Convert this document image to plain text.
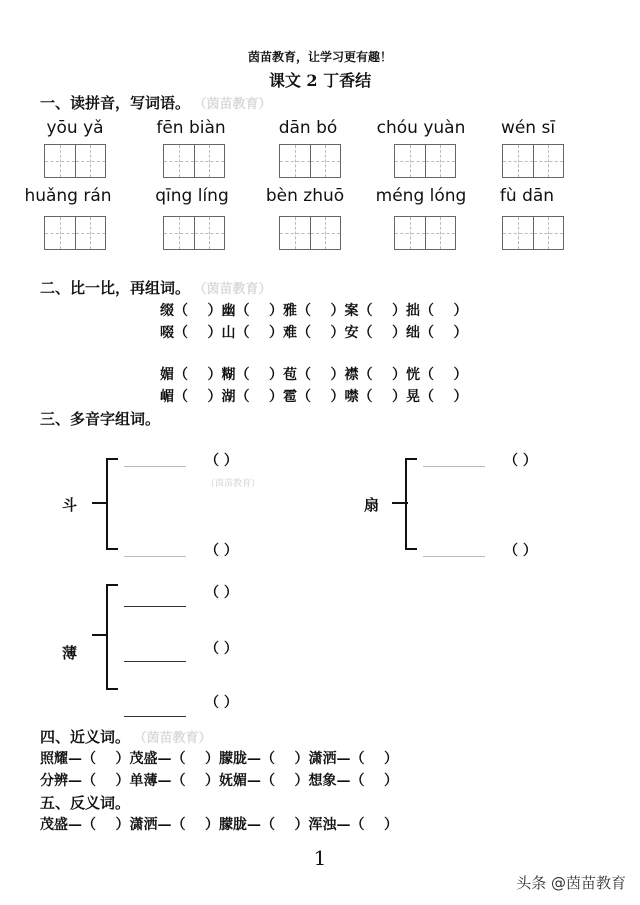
茵苗教育，让学习更有趣！
课文 2 丁香结
一、读拼音，写词语。 （茵苗教育）
yōu yǎ	fēn biàn	dān bó	chóu yuàn	wén sī
huǎng rán	qīng líng	bèn zhuō	méng lóng	fù dān
二、比一比，再组词。 （茵苗教育）
缀（    ）幽（    ）雅（    ）案（    ）拙（    ）
啜（    ）山（    ）难（    ）安（    ）绌（    ）
媚（    ）糊（    ）苞（    ）襟（    ）恍（    ）
嵋（    ）湖（    ）雹（    ）噤（    ）晃（    ）
三、多音字组词。
斗
（ ）
（茵苗教育）
（ ）
扇
（ ）
（ ）
薄
（ ）
（ ）
（ ）
四、近义词。 （茵苗教育）
照耀—（    ）茂盛—（    ）朦胧—（    ）潇洒—（    ）
分辨—（    ）单薄—（    ）妩媚—（    ）想象—（    ）
五、反义词。
茂盛—（    ）潇洒—（    ）朦胧—（    ）浑浊—（    ）
1
头条 @茵苗教育
